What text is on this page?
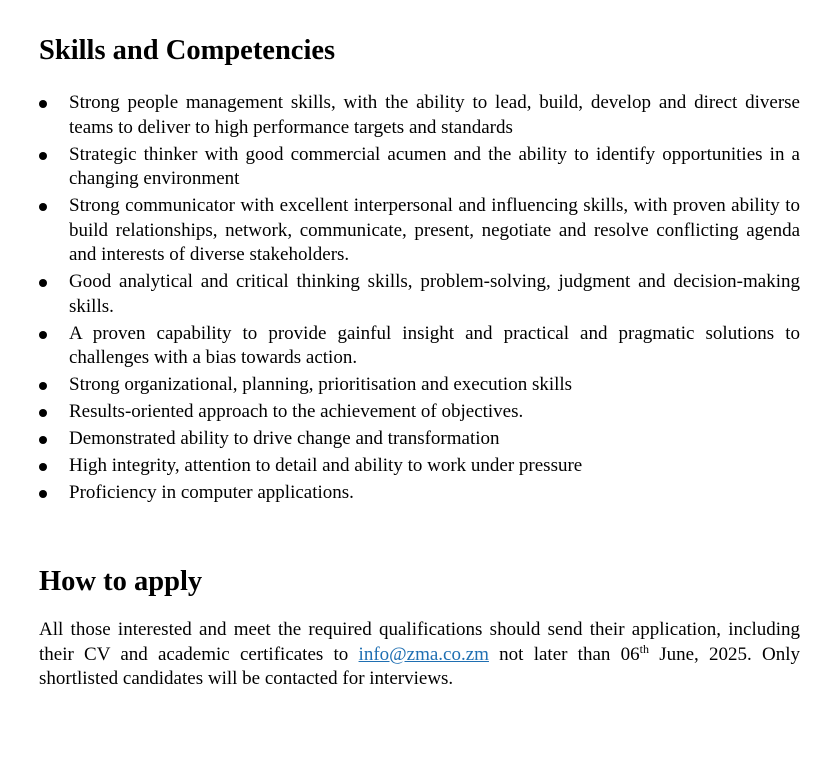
Skills and Competencies
Strong people management skills, with the ability to lead, build, develop and direct diverse teams to deliver to high performance targets and standards
Strategic thinker with good commercial acumen and the ability to identify opportunities in a changing environment
Strong communicator with excellent interpersonal and influencing skills, with proven ability to build relationships, network, communicate, present, negotiate and resolve conflicting agenda and interests of diverse stakeholders.
Good analytical and critical thinking skills, problem-solving, judgment and decision-making skills.
A proven capability to provide gainful insight and practical and pragmatic solutions to challenges with a bias towards action.
Strong organizational, planning, prioritisation and execution skills
Results-oriented approach to the achievement of objectives.
Demonstrated ability to drive change and transformation
High integrity, attention to detail and ability to work under pressure
Proficiency in computer applications.
How to apply

All those interested and meet the required qualifications should send their application, including their CV and academic certificates to info@zma.co.zm not later than 06th June, 2025. Only shortlisted candidates will be contacted for interviews.
